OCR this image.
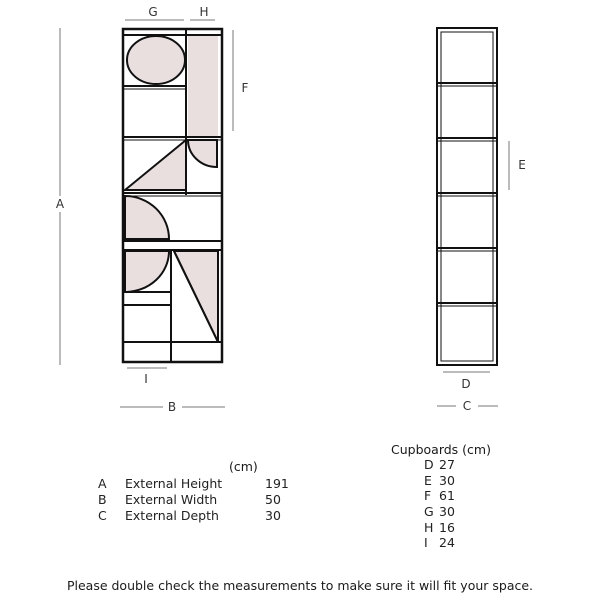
G	H
F
A
I
B
E
D
C
(cm)
A	External Height	191
B	External Width	50
C	External Depth	30
Cupboards (cm)
D 27
E 30
F 61
G 30
H 16
I 24
Please double check the measurements to make sure it will fit your space.
